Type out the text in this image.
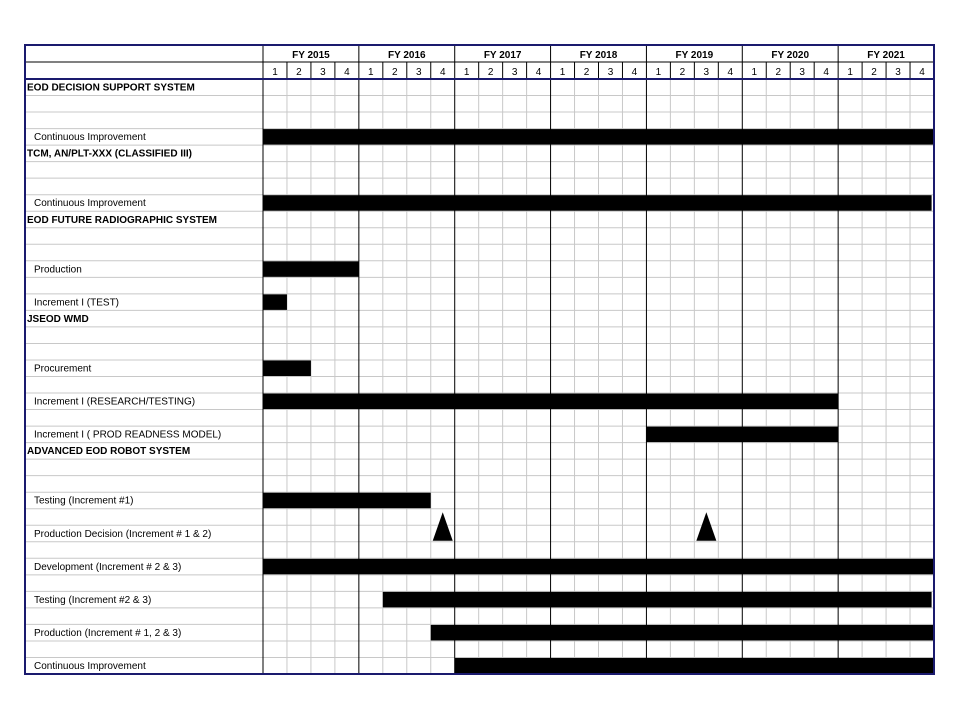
FY 2015
1 2 3 4
FY 2016
1 2 3 4
FY 2017
1 2 3 4
FY 2018
1 2 3 4
FY 2019
1 2 3 4
FY 2020
1 2 3 4
FY 2021
1 2 3 4
EOD DECISION SUPPORT SYSTEM
Continuous Improvement
TCM, AN/PLT-XXX (CLASSIFIED III)
Continuous Improvement
EOD FUTURE RADIOGRAPHIC SYSTEM
Production
Increment I (TEST)
JSEOD WMD
Procurement
Increment I (RESEARCH/TESTING)
Increment I ( PROD READNESS MODEL)
ADVANCED EOD ROBOT SYSTEM
Testing (Increment #1)
Production Decision (Increment # 1 & 2)
Development (Increment # 2 & 3)
Testing (Increment #2 & 3)
Production (Increment # 1, 2 & 3)
Continuous Improvement
